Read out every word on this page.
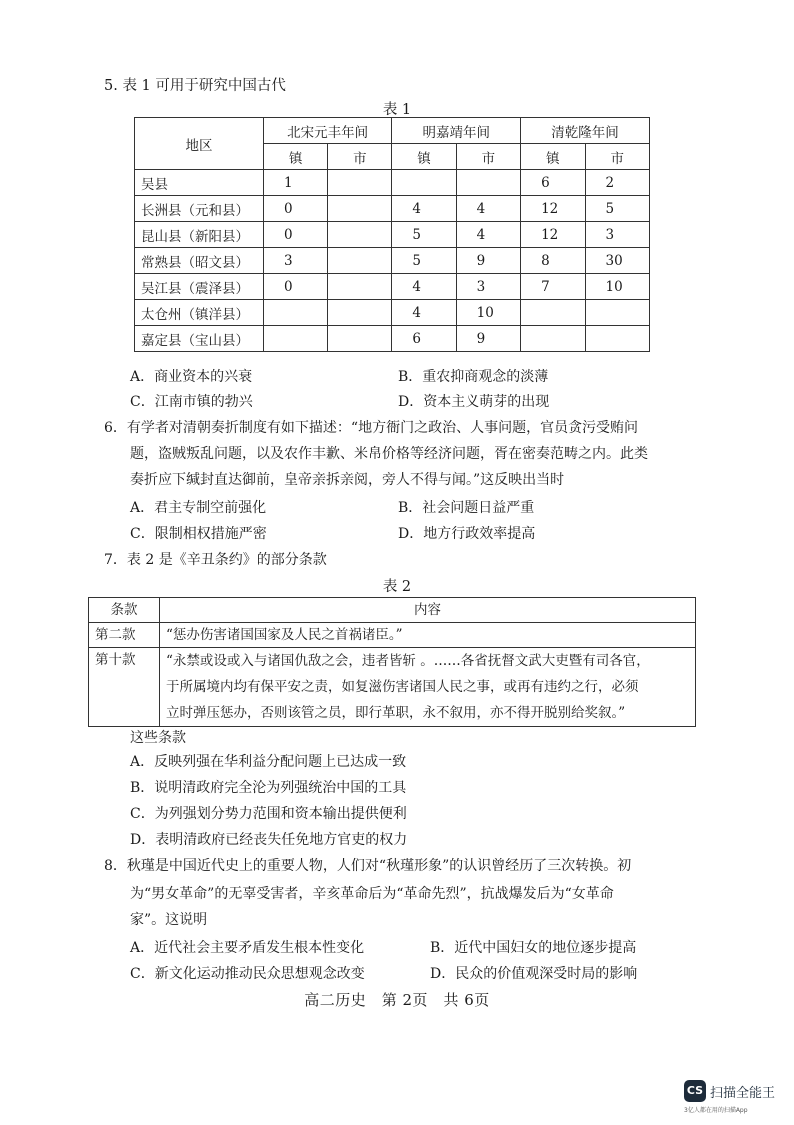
5. 表 1 可用于研究中国古代
表 1
地区	北宋元丰年间		明嘉靖年间		清乾隆年间	
	镇	市	镇	市	镇	市
吴县	1				6	2
长洲县（元和县）	0		4	4	12	5
昆山县（新阳县）	0		5	4	12	3
常熟县（昭文县）	3		5	9	8	30
吴江县（震泽县）	0		4	3	7	10
太仓州（镇洋县）			4	10		
嘉定县（宝山县）			6	9		
A．商业资本的兴衰	B．重农抑商观念的淡薄
C．江南市镇的勃兴	D．资本主义萌芽的出现
6．有学者对清朝奏折制度有如下描述：“地方衙门之政治、人事问题，官员贪污受贿问
题，盗贼叛乱问题，以及农作丰歉、米帛价格等经济问题，胥在密奏范畴之内。此类
奏折应下缄封直达御前，皇帝亲拆亲阅，旁人不得与闻。”这反映出当时
A．君主专制空前强化	B．社会问题日益严重
C．限制相权措施严密	D．地方行政效率提高
7．表 2 是《辛丑条约》的部分条款
表 2
条款	内容
第二款	“惩办伤害诸国国家及人民之首祸诸臣。”
第十款	“永禁或设或入与诸国仇敌之会，违者皆斩 。……各省抚督文武大吏暨有司各官，
于所属境内均有保平安之责，如复滋伤害诸国人民之事，或再有违约之行，必须
立时弹压惩办，否则该管之员，即行革职，永不叙用，亦不得开脱别给奖叙。”
这些条款
A．反映列强在华利益分配问题上已达成一致
B．说明清政府完全沦为列强统治中国的工具
C．为列强划分势力范围和资本输出提供便利
D．表明清政府已经丧失任免地方官吏的权力
8．秋瑾是中国近代史上的重要人物，人们对“秋瑾形象”的认识曾经历了三次转换。初
为“男女革命”的无辜受害者，辛亥革命后为“革命先烈”，抗战爆发后为“女革命
家”。这说明
A．近代社会主要矛盾发生根本性变化	B．近代中国妇女的地位逐步提高
C．新文化运动推动民众思想观念改变	D．民众的价值观深受时局的影响
高二历史　第 2页　共 6页
CS 扫描全能王
3亿人都在用的扫描App
